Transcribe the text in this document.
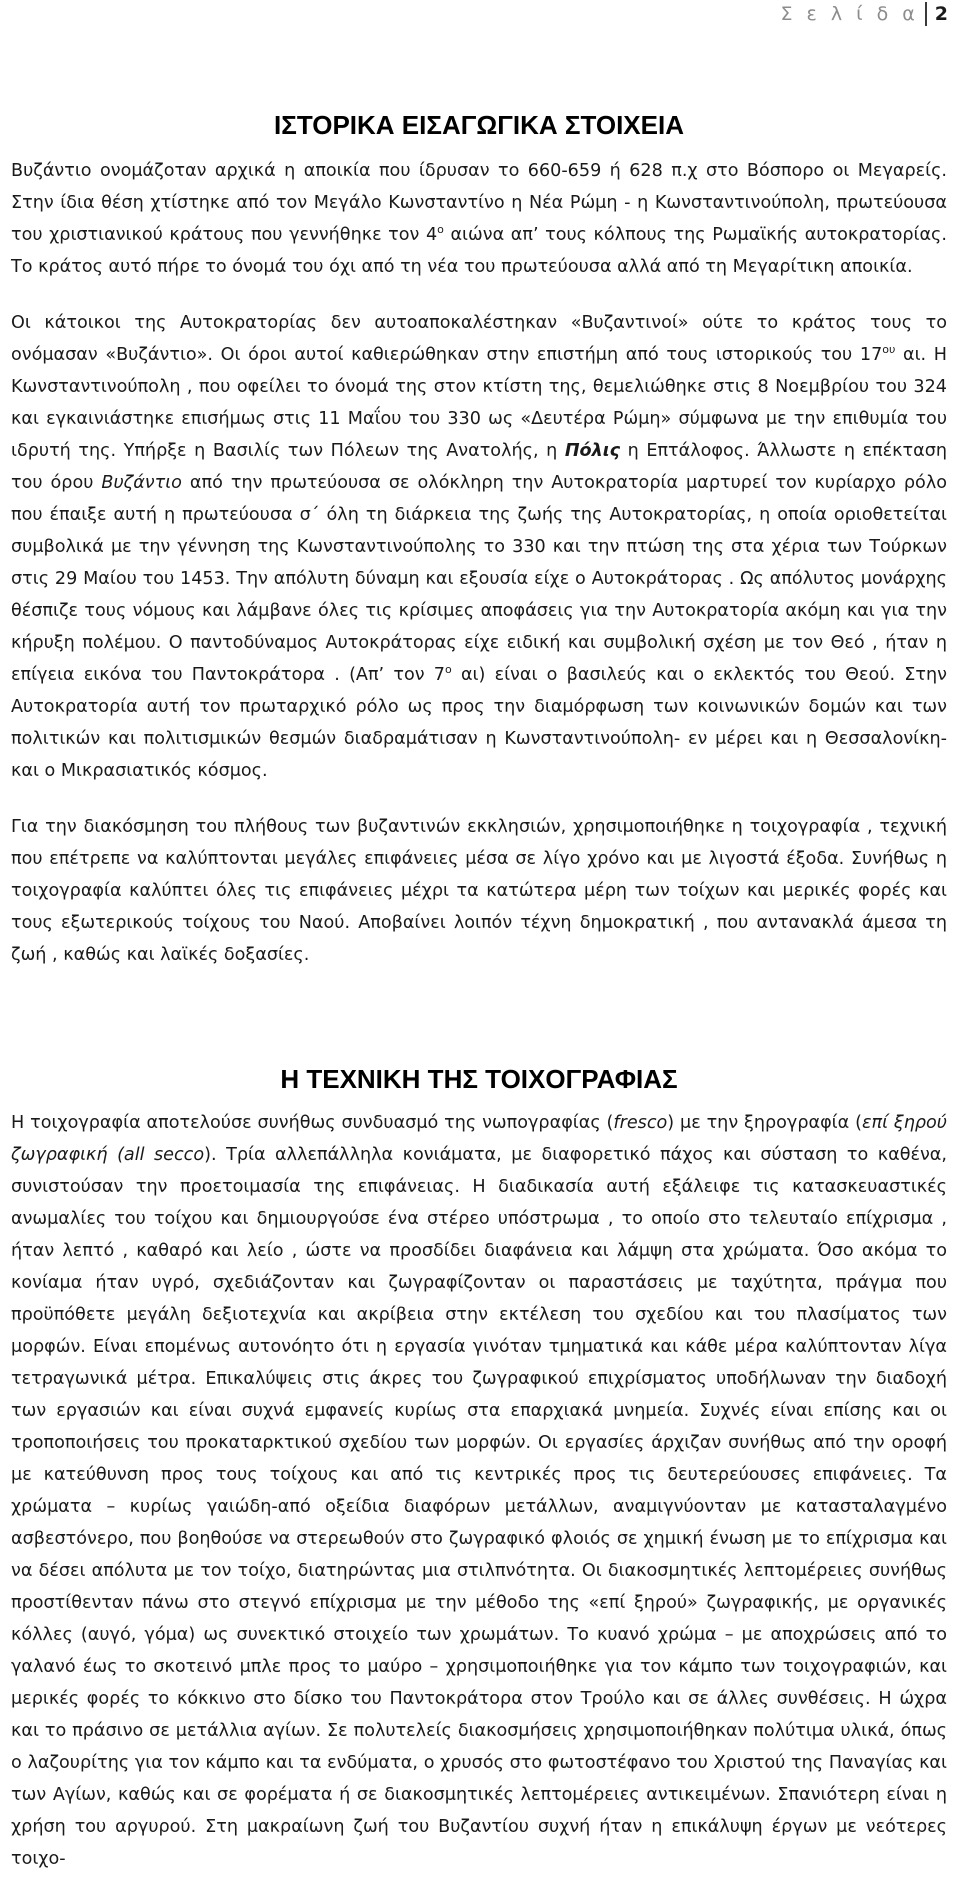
Σ ε λ ί δ α 2
ΙΣΤΟΡΙΚΑ ΕΙΣΑΓΩΓΙΚΑ ΣΤΟΙΧΕΙΑ

Βυζάντιο ονομάζοταν αρχικά η αποικία που ίδρυσαν το 660-659 ή 628 π.χ στο Βόσπορο οι Μεγαρείς. Στην ίδια θέση χτίστηκε από τον Μεγάλο Κωνσταντίνο η Νέα Ρώμη - η Κωνσταντινούπολη, πρωτεύουσα του χριστιανικού κράτους που γεννήθηκε τον $4^o$ αιώνα απ’ τους κόλπους της Ρωμαϊκής αυτοκρατορίας. Το κράτος αυτό πήρε το όνομά του όχι από τη νέα του πρωτεύουσα αλλά από τη Μεγαρίτικη αποικία.

Οι κάτοικοι της Αυτοκρατορίας δεν αυτοαποκαλέστηκαν «Βυζαντινοί» ούτε το κράτος τους το ονόμασαν «Βυζάντιο». Οι όροι αυτοί καθιερώθηκαν στην επιστήμη από τους ιστορικούς του $17^{o\upsilon}$ αι. Η Κωνσταντινούπολη , που οφείλει το όνομά της στον κτίστη της, θεμελιώθηκε στις 8 Νοεμβρίου του 324 και εγκαινιάστηκε επισήμως στις 11 Μαΐου του 330 ως «Δευτέρα Ρώμη» σύμφωνα με την επιθυμία του ιδρυτή της. Υπήρξε η Βασιλίς των Πόλεων της Ανατολής, η Πόλις η Επτάλοφος. Άλλωστε η επέκταση του όρου Βυζάντιο από την πρωτεύουσα σε ολόκληρη την Αυτοκρατορία μαρτυρεί τον κυρίαρχο ρόλο που έπαιξε αυτή η πρωτεύουσα σ΄ όλη τη διάρκεια της ζωής της Αυτοκρατορίας, η οποία οριοθετείται συμβολικά με την γέννηση της Κωνσταντινούπολης το 330 και την πτώση της στα χέρια των Τούρκων στις 29 Μαίου του 1453. Την απόλυτη δύναμη και εξουσία είχε ο Αυτοκράτορας . Ως απόλυτος μονάρχης θέσπιζε τους νόμους και λάμβανε όλες τις κρίσιμες αποφάσεις για την Αυτοκρατορία ακόμη και για την κήρυξη πολέμου. Ο παντοδύναμος Αυτοκράτορας είχε ειδική και συμβολική σχέση με τον Θεό , ήταν η επίγεια εικόνα του Παντοκράτορα . (Απ’ τον $7^o$ αι) είναι ο βασιλεύς και ο εκλεκτός του Θεού. Στην Αυτοκρατορία αυτή τον πρωταρχικό ρόλο ως προς την διαμόρφωση των κοινωνικών δομών και των πολιτικών και πολιτισμικών θεσμών διαδραμάτισαν η Κωνσταντινούπολη- εν μέρει και η Θεσσαλονίκη- και ο Μικρασιατικός κόσμος.

Για την διακόσμηση του πλήθους των βυζαντινών εκκλησιών, χρησιμοποιήθηκε η τοιχογραφία , τεχνική που επέτρεπε να καλύπτονται μεγάλες επιφάνειες μέσα σε λίγο χρόνο και με λιγοστά έξοδα. Συνήθως η τοιχογραφία καλύπτει όλες τις επιφάνειες μέχρι τα κατώτερα μέρη των τοίχων και μερικές φορές και τους εξωτερικούς τοίχους του Ναού. Αποβαίνει λοιπόν τέχνη δημοκρατική , που αντανακλά άμεσα τη ζωή , καθώς και λαϊκές δοξασίες.

Η ΤΕΧΝΙΚΗ ΤΗΣ ΤΟΙΧΟΓΡΑΦΙΑΣ

Η τοιχογραφία αποτελούσε συνήθως συνδυασμό της νωπογραφίας (fresco) με την ξηρογραφία (επί ξηρού ζωγραφική (all secco). Τρία αλλεπάλληλα κονιάματα, με διαφορετικό πάχος και σύσταση το καθένα, συνιστούσαν την προετοιμασία της επιφάνειας. Η διαδικασία αυτή εξάλειφε τις κατασκευαστικές ανωμαλίες του τοίχου και δημιουργούσε ένα στέρεο υπόστρωμα , το οποίο στο τελευταίο επίχρισμα , ήταν λεπτό , καθαρό και λείο , ώστε να προσδίδει διαφάνεια και λάμψη στα χρώματα. Όσο ακόμα το κονίαμα ήταν υγρό, σχεδιάζονταν και ζωγραφίζονταν οι παραστάσεις με ταχύτητα, πράγμα που προϋπόθετε μεγάλη δεξιοτεχνία και ακρίβεια στην εκτέλεση του σχεδίου και του πλασίματος των μορφών. Είναι επομένως αυτονόητο ότι η εργασία γινόταν τμηματικά και κάθε μέρα καλύπτονταν λίγα τετραγωνικά μέτρα. Επικαλύψεις στις άκρες του ζωγραφικού επιχρίσματος υποδήλωναν την διαδοχή των εργασιών και είναι συχνά εμφανείς κυρίως στα επαρχιακά μνημεία. Συχνές είναι επίσης και οι τροποποιήσεις του προκαταρκτικού σχεδίου των μορφών. Οι εργασίες άρχιζαν συνήθως από την οροφή με κατεύθυνση προς τους τοίχους και από τις κεντρικές προς τις δευτερεύουσες επιφάνειες. Τα χρώματα – κυρίως γαιώδη-από οξείδια διαφόρων μετάλλων, αναμιγνύονταν με κατασταλαγμένο ασβεστόνερο, που βοηθούσε να στερεωθούν στο ζωγραφικό φλοιός σε χημική ένωση με το επίχρισμα και να δέσει απόλυτα με τον τοίχο, διατηρώντας μια στιλπνότητα. Οι διακοσμητικές λεπτομέρειες συνήθως προστίθενταν πάνω στο στεγνό επίχρισμα με την μέθοδο της «επί ξηρού» ζωγραφικής, με οργανικές κόλλες (αυγό, γόμα) ως συνεκτικό στοιχείο των χρωμάτων. Το κυανό χρώμα – με αποχρώσεις από το γαλανό έως το σκοτεινό μπλε προς το μαύρο – χρησιμοποιήθηκε για τον κάμπο των τοιχογραφιών, και μερικές φορές το κόκκινο στο δίσκο του Παντοκράτορα στον Τρούλο και σε άλλες συνθέσεις. Η ώχρα και το πράσινο σε μετάλλια αγίων. Σε πολυτελείς διακοσμήσεις χρησιμοποιήθηκαν πολύτιμα υλικά, όπως ο λαζουρίτης για τον κάμπο και τα ενδύματα, ο χρυσός στο φωτοστέφανο του Χριστού της Παναγίας και των Αγίων, καθώς και σε φορέματα ή σε διακοσμητικές λεπτομέρειες αντικειμένων. Σπανιότερη είναι η χρήση του αργυρού. Στη μακραίωνη ζωή του Βυζαντίου συχνή ήταν η επικάλυψη έργων με νεότερες τοιχο-
